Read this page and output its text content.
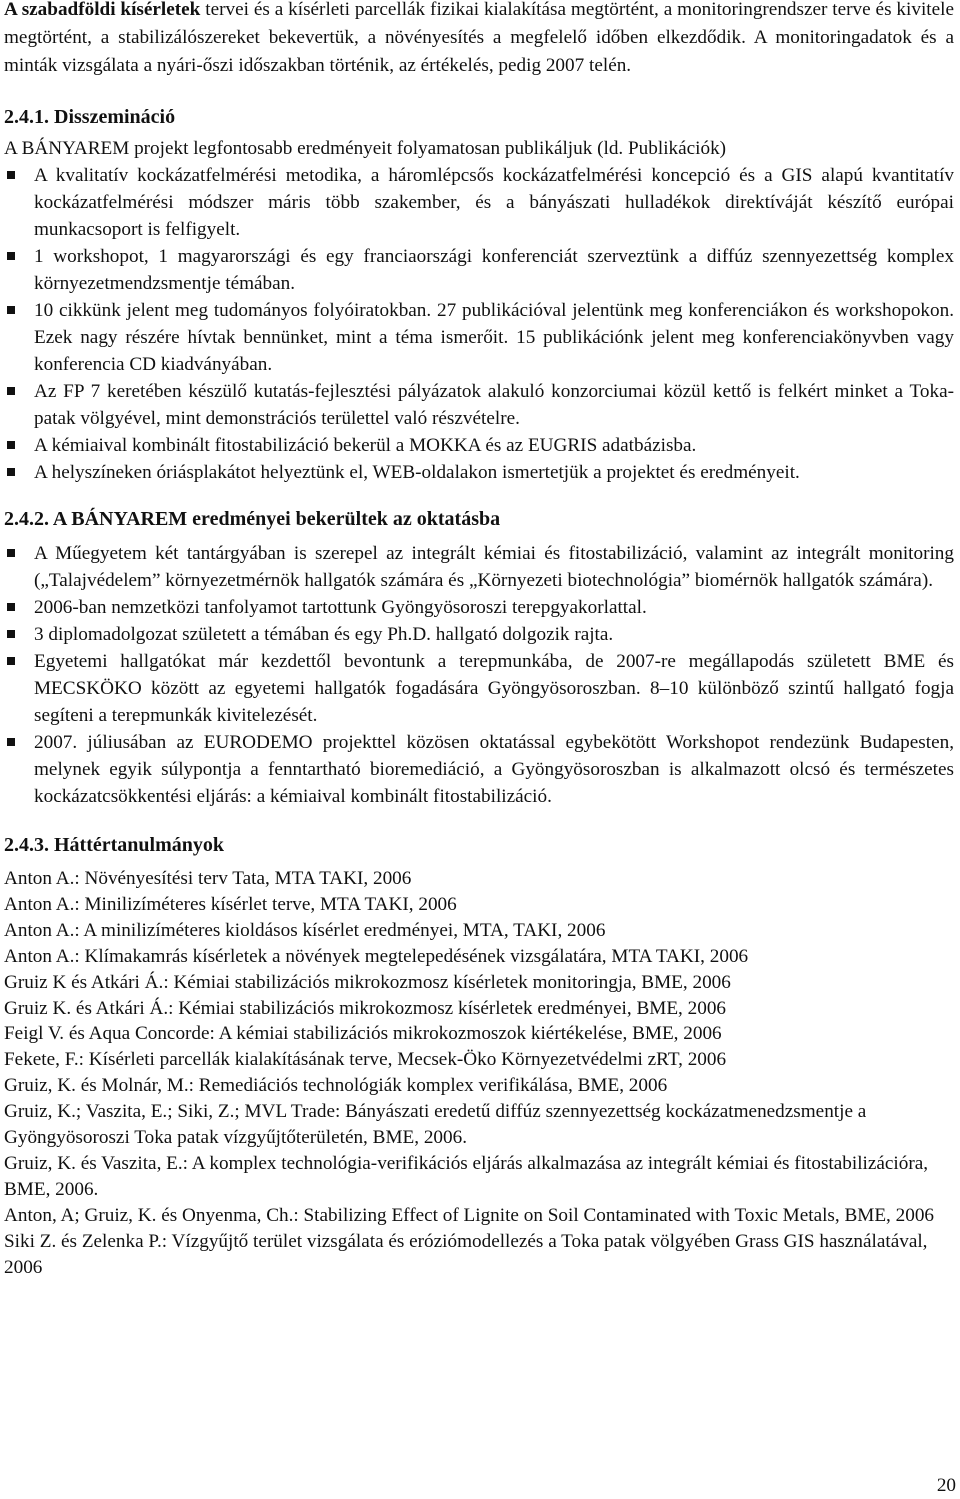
A szabadföldi kísérletek tervei és a kísérleti parcellák fizikai kialakítása megtörtént, a monitoringrendszer terve és kivitele megtörtént, a stabilizálószereket bekevertük, a növényesítés a megfelelő időben elkezdődik. A monitoringadatok és a minták vizsgálata a nyári-őszi időszakban történik, az értékelés, pedig 2007 telén.

2.4.1. Disszemináció

A BÁNYAREM projekt legfontosabb eredményeit folyamatosan publikáljuk (ld. Publikációk)

A kvalitatív kockázatfelmérési metodika, a háromlépcsős kockázatfelmérési koncepció és a GIS alapú kvantitatív kockázatfelmérési módszer máris több szakember, és a bányászati hulladékok direktíváját készítő európai munkacsoport is felfigyelt.
1 workshopot, 1 magyarországi és egy franciaországi konferenciát szerveztünk a diffúz szennyezettség komplex környezetmendzsmentje témában.
10 cikkünk jelent meg tudományos folyóiratokban. 27 publikációval jelentünk meg konferenciákon és workshopokon. Ezek nagy részére hívtak bennünket, mint a téma ismerőit. 15 publikációnk jelent meg konferenciakönyvben vagy konferencia CD kiadványában.
Az FP 7 keretében készülő kutatás-fejlesztési pályázatok alakuló konzorciumai közül kettő is felkért minket a Toka-patak völgyével, mint demonstrációs területtel való részvételre.
A kémiaival kombinált fitostabilizáció bekerül a MOKKA és az EUGRIS adatbázisba.
A helyszíneken óriásplakátot helyeztünk el, WEB-oldalakon ismertetjük a projektet és eredményeit.
2.4.2. A BÁNYAREM eredményei bekerültek az oktatásba
A Műegyetem két tantárgyában is szerepel az integrált kémiai és fitostabilizáció, valamint az integrált monitoring („Talajvédelem” környezetmérnök hallgatók számára és „Környezeti biotechnológia” biomérnök hallgatók számára).
2006-ban nemzetközi tanfolyamot tartottunk Gyöngyösoroszi terepgyakorlattal.
3 diplomadolgozat született a témában és egy Ph.D. hallgató dolgozik rajta.
Egyetemi hallgatókat már kezdettől bevontunk a terepmunkába, de 2007-re megállapodás született BME és MECSKÖKO között az egyetemi hallgatók fogadására Gyöngyösoroszban. 8–10 különböző szintű hallgató fogja segíteni a terepmunkák kivitelezését.
2007. júliusában az EURODEMO projekttel közösen oktatással egybekötött Workshopot rendezünk Budapesten, melynek egyik súlypontja a fenntartható bioremediáció, a Gyöngyösoroszban is alkalmazott olcsó és természetes kockázatcsökkentési eljárás: a kémiaival kombinált fitostabilizáció.
2.4.3. Háttértanulmányok
Anton A.: Növényesítési terv Tata, MTA TAKI, 2006
Anton A.: Minilizíméteres kísérlet terve, MTA TAKI, 2006
Anton A.: A minilizíméteres kioldásos kísérlet eredményei, MTA, TAKI, 2006
Anton A.: Klímakamrás kísérletek a növények megtelepedésének vizsgálatára, MTA TAKI, 2006
Gruiz K és Atkári Á.: Kémiai stabilizációs mikrokozmosz kísérletek monitoringja, BME, 2006
Gruiz K. és Atkári Á.: Kémiai stabilizációs mikrokozmosz kísérletek eredményei, BME, 2006
Feigl V. és Aqua Concorde: A kémiai stabilizációs mikrokozmoszok kiértékelése, BME, 2006
Fekete, F.: Kísérleti parcellák kialakításának terve, Mecsek-Öko Környezetvédelmi zRT, 2006
Gruiz, K. és Molnár, M.: Remediációs technológiák komplex verifikálása, BME, 2006
Gruiz, K.; Vaszita, E.; Siki, Z.; MVL Trade: Bányászati eredetű diffúz szennyezettség kockázatmenedzsmentje a Gyöngyösoroszi Toka patak vízgyűjtőterületén, BME, 2006.
Gruiz, K. és Vaszita, E.: A komplex technológia-verifikációs eljárás alkalmazása az integrált kémiai és fitostabilizációra, BME, 2006.
Anton, A; Gruiz, K. és Onyenma, Ch.: Stabilizing Effect of Lignite on Soil Contaminated with Toxic Metals, BME, 2006
Siki Z. és Zelenka P.: Vízgyűjtő terület vizsgálata és eróziómodellezés a Toka patak völgyében Grass GIS használatával, 2006
20
